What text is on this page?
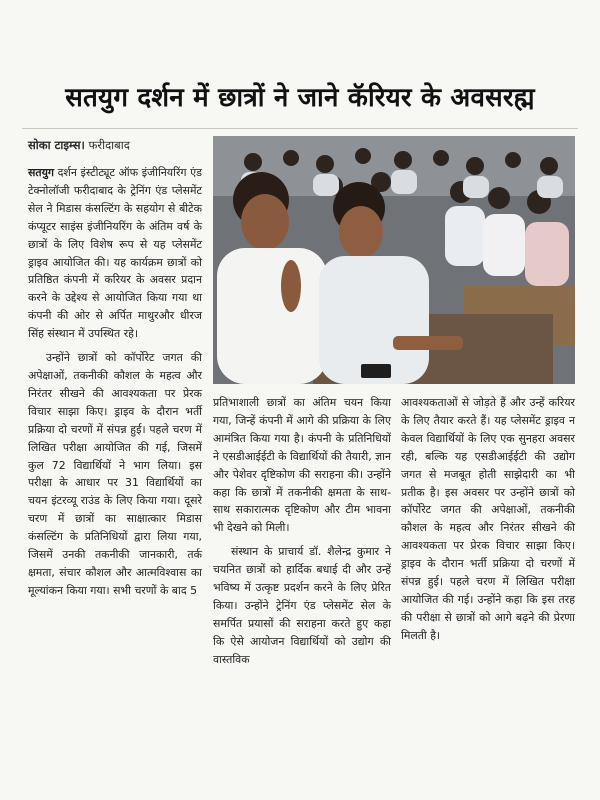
सतयुग दर्शन में छात्रों ने जाने कॅरियर के अवसरह्म
सोका टाइम्स। फरीदाबाद

सतयुग दर्शन इंस्टीट्यूट ऑफ इंजीनियरिंग एंड टेक्नोलॉजी फरीदाबाद के ट्रेनिंग एंड प्लेसमेंट सेल ने मिडास कंसल्टिंग के सहयोग से बीटेक कंप्यूटर साइंस इंजीनियरिंग के अंतिम वर्ष के छात्रों के लिए विशेष रूप से यह प्लेसमेंट ड्राइव आयोजित की। यह कार्यक्रम छात्रों को प्रतिष्ठित कंपनी में करियर के अवसर प्रदान करने के उद्देश्य से आयोजित किया गया था कंपनी की ओर से अर्पित माथुरऔर धीरज सिंह संस्थान में उपस्थित रहे।

उन्होंने छात्रों को कॉर्पोरेट जगत की अपेक्षाओं, तकनीकी कौशल के महत्व और निरंतर सीखने की आवश्यकता पर प्रेरक विचार साझा किए। ड्राइव के दौरान भर्ती प्रक्रिया दो चरणों में संपन्न हुई। पहले चरण में लिखित परीक्षा आयोजित की गई, जिसमें कुल 72 विद्यार्थियों ने भाग लिया। इस परीक्षा के आधार पर 31 विद्यार्थियों का चयन इंटरव्यू राउंड के लिए किया गया। दूसरे चरण में छात्रों का साक्षात्कार मिडास कंसल्टिंग के प्रतिनिधियों द्वारा लिया गया, जिसमें उनकी तकनीकी जानकारी, तर्क क्षमता, संचार कौशल और आत्मविश्वास का मूल्यांकन किया गया। सभी चरणों के बाद 5

प्रतिभाशाली छात्रों का अंतिम चयन किया गया, जिन्हें कंपनी में आगे की प्रक्रिया के लिए आमंत्रित किया गया है। कंपनी के प्रतिनिधियों ने एसडीआईईटी के विद्यार्थियों की तैयारी, ज्ञान और पेशेवर दृष्टिकोण की सराहना की। उन्होंने कहा कि छात्रों में तकनीकी क्षमता के साथ-साथ सकारात्मक दृष्टिकोण और टीम भावना भी देखने को मिली।

संस्थान के प्राचार्य डॉ. शैलेन्द्र कुमार ने चयनित छात्रों को हार्दिक बधाई दी और उन्हें भविष्य में उत्कृष्ट प्रदर्शन करने के लिए प्रेरित किया। उन्होंने ट्रेनिंग एंड प्लेसमेंट सेल के समर्पित प्रयासों की सराहना करते हुए कहा कि ऐसे आयोजन विद्यार्थियों को उद्योग की वास्तविक

आवश्यकताओं से जोड़ते हैं और उन्हें करियर के लिए तैयार करते हैं। यह प्लेसमेंट ड्राइव न केवल विद्यार्थियों के लिए एक सुनहरा अवसर रही, बल्कि यह एसडीआईईटी की उद्योग जगत से मजबूत होती साझेदारी का भी प्रतीक है। इस अवसर पर उन्होंने छात्रों को कॉर्पोरेट जगत की अपेक्षाओं, तकनीकी कौशल के महत्व और निरंतर सीखने की आवश्यकता पर प्रेरक विचार साझा किए। ड्राइव के दौरान भर्ती प्रक्रिया दो चरणों में संपन्न हुई। पहले चरण में लिखित परीक्षा आयोजित की गई। उन्होंने कहा कि इस तरह की परीक्षा से छात्रों को आगे बढ़ने की प्रेरणा मिलती है।
